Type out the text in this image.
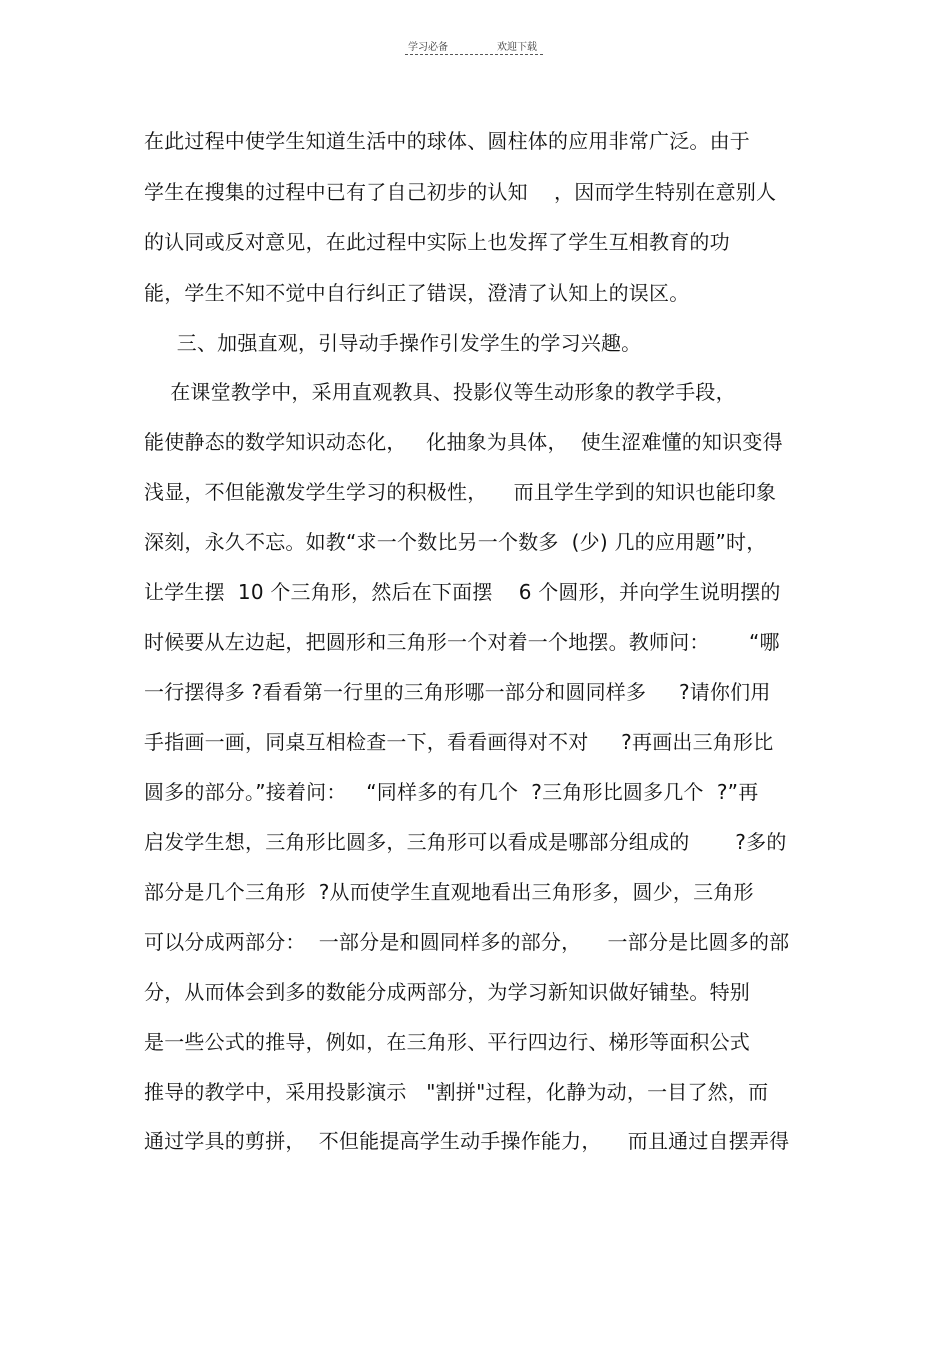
学习必备	欢迎下载
在此过程中使学生知道生活中的球体、圆柱体的应用非常广泛。由于
学生在搜集的过程中已有了自己初步的认知    ，因而学生特别在意别人
的认同或反对意见，在此过程中实际上也发挥了学生互相教育的功
能，学生不知不觉中自行纠正了错误，澄清了认知上的误区。
三、加强直观，引导动手操作引发学生的学习兴趣。
在课堂教学中，采用直观教具、投影仪等生动形象的教学手段，
能使静态的数学知识动态化，   化抽象为具体，  使生涩难懂的知识变得
浅显，不但能激发学生学习的积极性，    而且学生学到的知识也能印象
深刻，永久不忘。如教“求一个数比另一个数多  (少) 几的应用题”时，
让学生摆  10 个三角形，然后在下面摆    6 个圆形，并向学生说明摆的
时候要从左边起，把圆形和三角形一个对着一个地摆。教师问：      “哪
一行摆得多 ?看看第一行里的三角形哪一部分和圆同样多     ?请你们用
手指画一画，同桌互相检查一下，看看画得对不对     ?再画出三角形比
圆多的部分。”接着问：   “同样多的有几个  ?三角形比圆多几个  ?”再
启发学生想，三角形比圆多，三角形可以看成是哪部分组成的       ?多的
部分是几个三角形  ?从而使学生直观地看出三角形多，圆少，三角形
可以分成两部分：  一部分是和圆同样多的部分，    一部分是比圆多的部
分，从而体会到多的数能分成两部分，为学习新知识做好铺垫。特别
是一些公式的推导，例如，在三角形、平行四边行、梯形等面积公式
推导的教学中，采用投影演示   "割拼"过程，化静为动，一目了然，而
通过学具的剪拼，  不但能提高学生动手操作能力，    而且通过自摆弄得
